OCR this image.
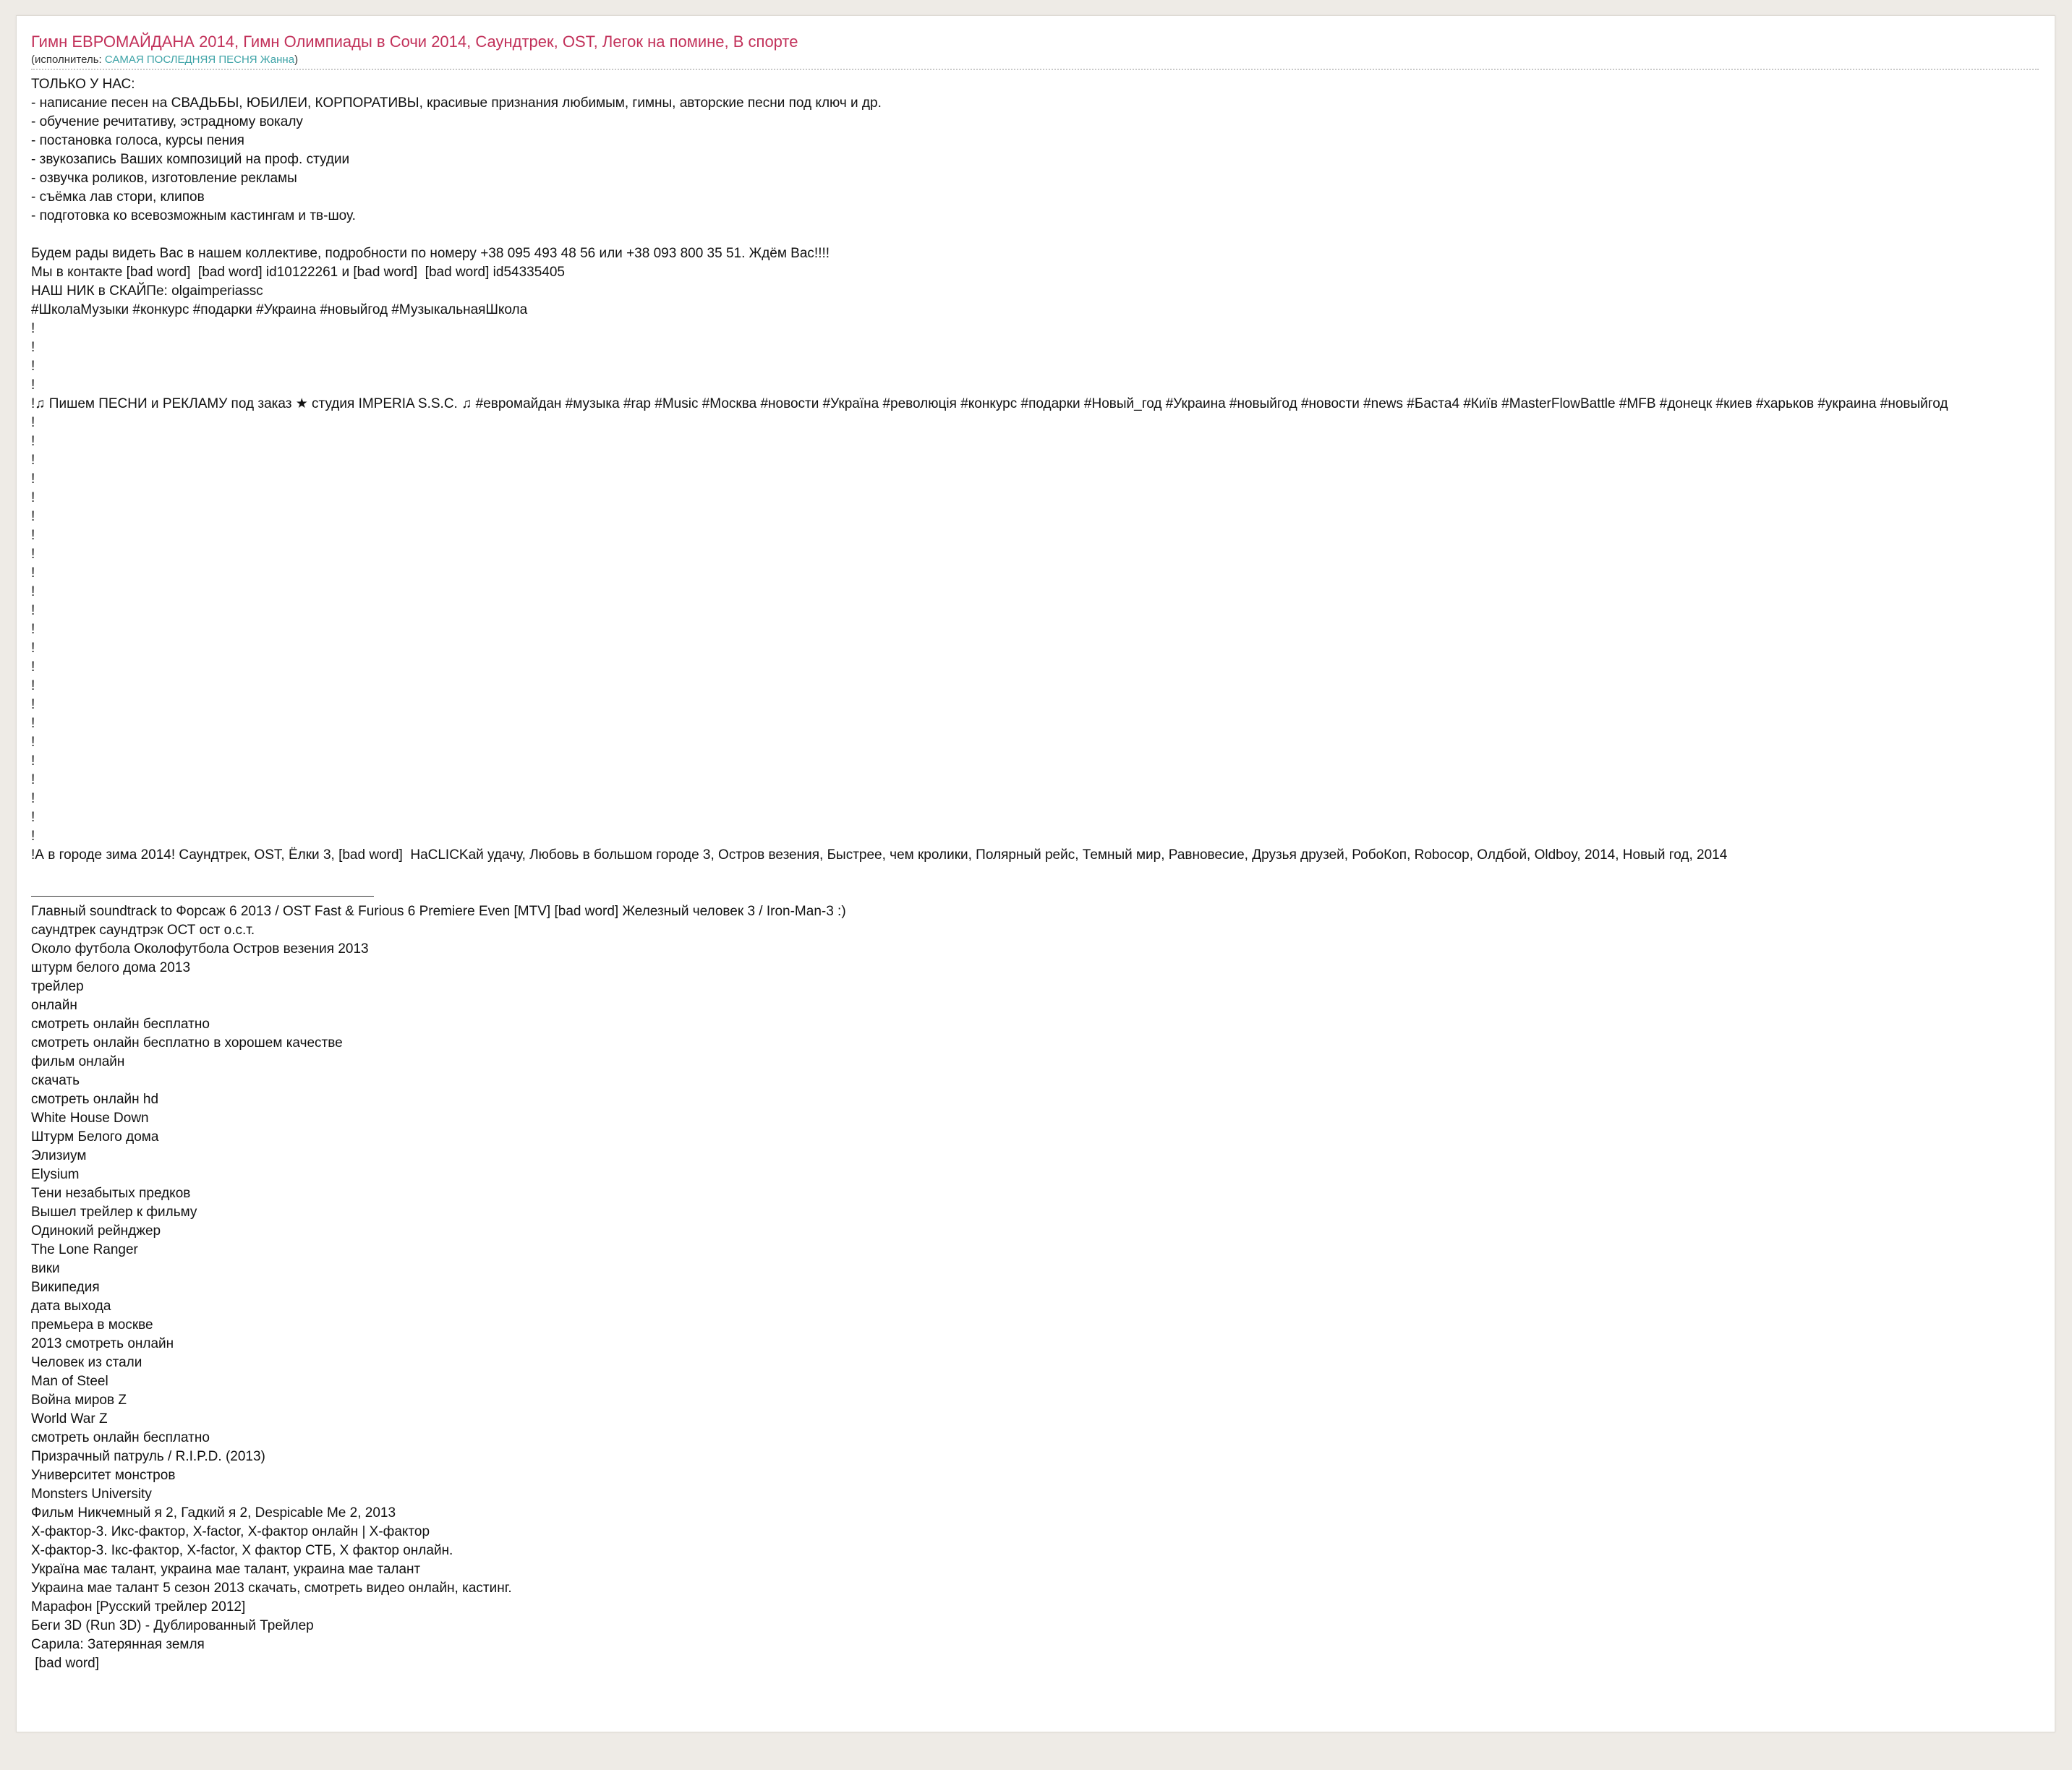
Гимн ЕВРОМАЙДАНА 2014, Гимн Олимпиады в Сочи 2014, Саундтрек, OST, Легок на помине, В спорте
(исполнитель: САМАЯ ПОСЛЕДНЯЯ ПЕСНЯ Жанна)
ТОЛЬКО У НАС:
- написание песен на СВАДЬБЫ, ЮБИЛЕИ, КОРПОРАТИВЫ, красивые признания любимым, гимны, авторские песни под ключ и др.
- обучение речитативу, эстрадному вокалу
- постановка голоса, курсы пения
- звукозапись Ваших композиций на проф. студии
- озвучка роликов, изготовление рекламы
- съёмка лав стори, клипов
- подготовка ко всевозможным кастингам и тв-шоу.
Будем рады видеть Вас в нашем коллективе, подробности по номеру +38 095 493 48 56 или +38 093 800 35 51. Ждём Вас!!!!
Мы в контакте [bad word]  [bad word] id10122261 и [bad word]  [bad word] id54335405
НАШ НИК в СКАЙПе: olgaimperiassc
#ШколаМузыки #конкурс #подарки #Украина #новыйгод #МузыкальнаяШкола
!
!
!
!
!♫ Пишем ПЕСНИ и РЕКЛАМУ под заказ ★ студия IMPERIA S.S.C. ♫ #евромайдан #музыка #rap #Music #Москва #новости #Україна #революція #конкурс #подарки #Новый_год #Украина #новыйгод #новости #news #Баста4 #Київ #MasterFlowBattle #MFB #донецк #киев #харьков #украина #новыйгод
!
!
!
!
!
!
!
!
!
!
!
!
!
!
!
!
!
!
!
!
!
!
!
!А в городе зима 2014! Саундтрек, OST, Ёлки 3, [bad word]  НаCLICKай удачу, Любовь в большом городе 3, Остров везения, Быстрее, чем кролики, Полярный рейс, Темный мир, Равновесие, Друзья друзей, РобоКоп, Robocop, Олдбой, Oldboy, 2014, Новый год, 2014
Главный soundtrack to Форсаж 6 2013 / OST Fast & Furious 6 Premiere Even [MTV] [bad word] Железный человек 3 / Iron-Man-3 :)
саундтрек саундтрэк ОСТ ост о.с.т.
Около футбола Околофутбола Остров везения 2013
штурм белого дома 2013
трейлер
онлайн
смотреть онлайн бесплатно
смотреть онлайн бесплатно в хорошем качестве
фильм онлайн
скачать
смотреть онлайн hd
White House Down
Штурм Белого дома
Элизиум
Elysium
Тени незабытых предков
Вышел трейлер к фильму
Одинокий рейнджер
The Lone Ranger
вики
Википедия
дата выхода
премьера в москве
2013 смотреть онлайн
Человек из стали
Man of Steel
Война миров Z
World War Z
смотреть онлайн бесплатно
Призрачный патруль / R.I.P.D. (2013)
Университет монстров
Monsters University
Фильм Никчемный я 2, Гадкий я 2, Despicable Me 2, 2013
Х-фактор-3. Икс-фактор, X-factor, Х-фактор онлайн | Х-фактор
Х-фактор-3. Ікс-фактор, X-factor, Х фактор СТБ, Х фактор онлайн.
Україна має талант, украина мае талант, украина мае талант
Украина мае талант 5 сезон 2013 скачать, смотреть видео онлайн, кастинг.
Марафон [Русский трейлер 2012]
Беги 3D (Run 3D) - Дублированный Трейлер
Сарила: Затерянная земля
[bad word]
